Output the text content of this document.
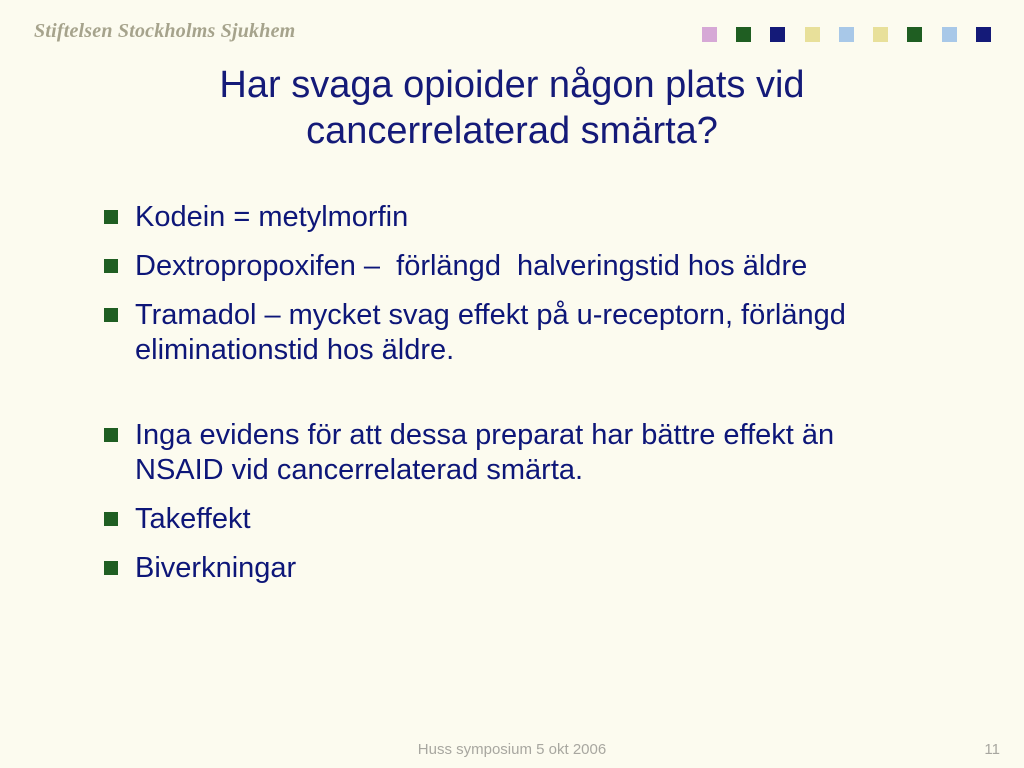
Stiftelsen Stockholms Sjukhem
Har svaga opioider någon plats vid
cancerrelaterad smärta?
Kodein = metylmorfin
Dextropropoxifen –  förlängd  halveringstid hos äldre
Tramadol – mycket svag effekt på u-receptorn, förlängd eliminationstid hos äldre.
Inga evidens för att dessa preparat har bättre effekt än NSAID vid cancerrelaterad smärta.
Takeffekt
Biverkningar
Huss symposium 5 okt 2006	11
